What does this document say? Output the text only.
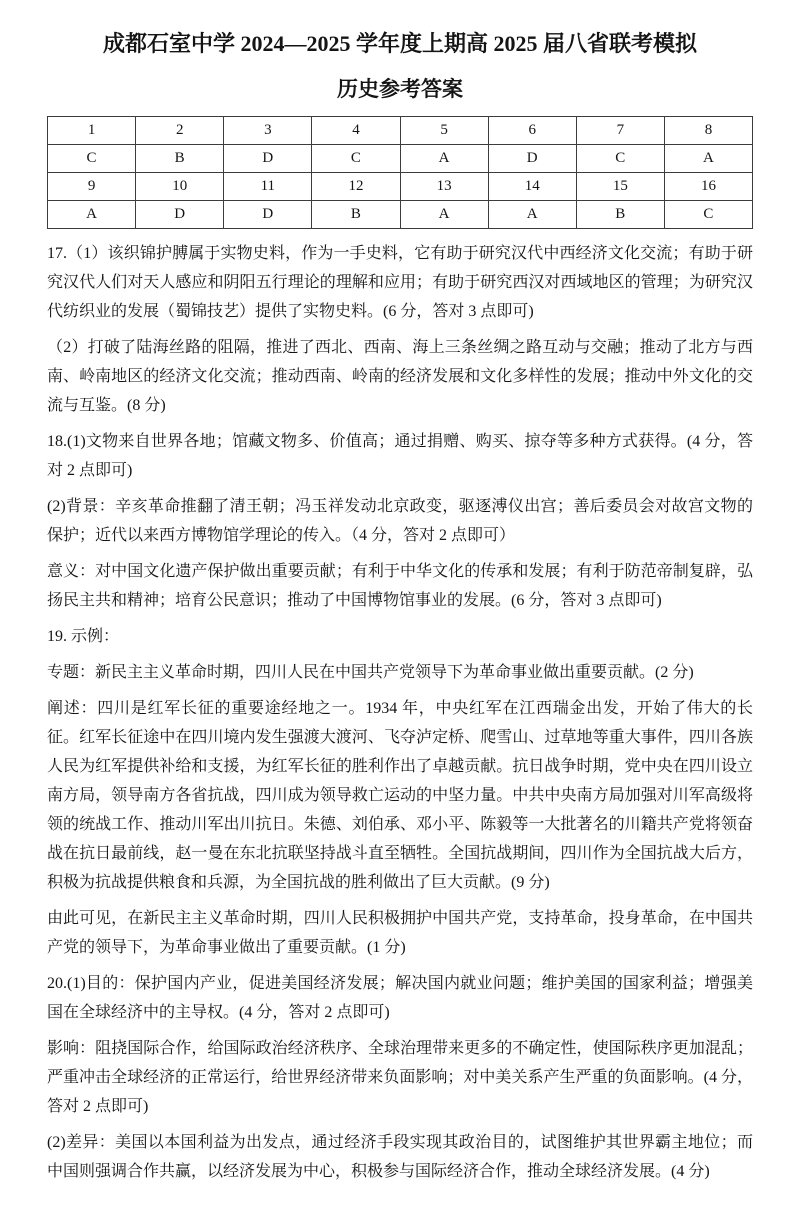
成都石室中学 2024—2025 学年度上期高 2025 届八省联考模拟
历史参考答案
1	2	3	4	5	6	7	8
C	B	D	C	A	D	C	A
9	10	11	12	13	14	15	16
A	D	D	B	A	A	B	C
17.（1）该织锦护膊属于实物史料，作为一手史料，它有助于研究汉代中西经济文化交流；有助于研究汉代人们对天人感应和阴阳五行理论的理解和应用；有助于研究西汉对西域地区的管理；为研究汉代纺织业的发展（蜀锦技艺）提供了实物史料。(6 分，答对 3 点即可)
（2）打破了陆海丝路的阻隔，推进了西北、西南、海上三条丝绸之路互动与交融；推动了北方与西南、岭南地区的经济文化交流；推动西南、岭南的经济发展和文化多样性的发展；推动中外文化的交流与互鉴。(8 分)
18.(1)文物来自世界各地；馆藏文物多、价值高；通过捐赠、购买、掠夺等多种方式获得。(4 分，答对 2 点即可)
(2)背景：辛亥革命推翻了清王朝；冯玉祥发动北京政变，驱逐溥仪出宫；善后委员会对故宫文物的保护；近代以来西方博物馆学理论的传入。（4 分，答对 2 点即可）
意义：对中国文化遗产保护做出重要贡献；有利于中华文化的传承和发展；有利于防范帝制复辟，弘扬民主共和精神；培育公民意识；推动了中国博物馆事业的发展。(6 分，答对 3 点即可)
19. 示例：
专题：新民主主义革命时期，四川人民在中国共产党领导下为革命事业做出重要贡献。(2 分)
阐述：四川是红军长征的重要途经地之一。1934 年，中央红军在江西瑞金出发，开始了伟大的长征。红军长征途中在四川境内发生强渡大渡河、飞夺泸定桥、爬雪山、过草地等重大事件，四川各族人民为红军提供补给和支援，为红军长征的胜利作出了卓越贡献。抗日战争时期，党中央在四川设立南方局，领导南方各省抗战，四川成为领导救亡运动的中坚力量。中共中央南方局加强对川军高级将领的统战工作、推动川军出川抗日。朱德、刘伯承、邓小平、陈毅等一大批著名的川籍共产党将领奋战在抗日最前线，赵一曼在东北抗联坚持战斗直至牺牲。全国抗战期间，四川作为全国抗战大后方，积极为抗战提供粮食和兵源，为全国抗战的胜利做出了巨大贡献。(9 分)
由此可见，在新民主主义革命时期，四川人民积极拥护中国共产党，支持革命，投身革命，在中国共产党的领导下，为革命事业做出了重要贡献。(1 分)
20.(1)目的：保护国内产业，促进美国经济发展；解决国内就业问题；维护美国的国家利益；增强美国在全球经济中的主导权。(4 分，答对 2 点即可)
影响：阻挠国际合作，给国际政治经济秩序、全球治理带来更多的不确定性，使国际秩序更加混乱；严重冲击全球经济的正常运行，给世界经济带来负面影响；对中美关系产生严重的负面影响。(4 分，答对 2 点即可)
(2)差异：美国以本国利益为出发点，通过经济手段实现其政治目的，试图维护其世界霸主地位；而中国则强调合作共赢，以经济发展为中心，积极参与国际经济合作，推动全球经济发展。(4 分)
